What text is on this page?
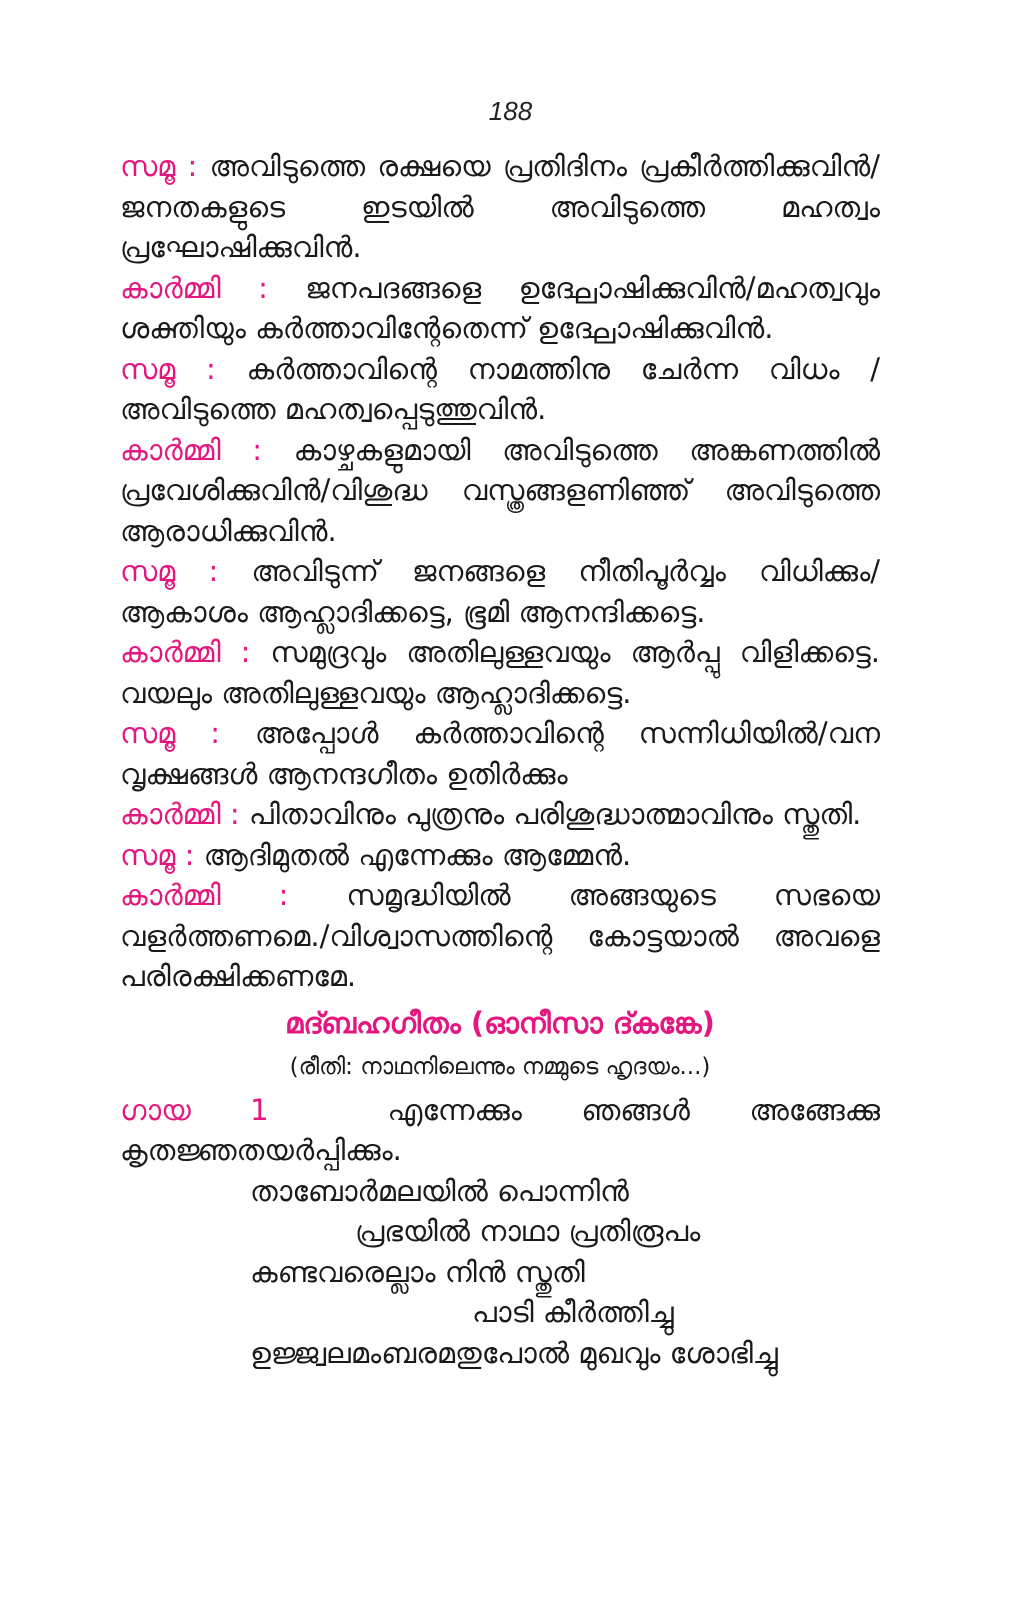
188

സമൂ : അവിടുത്തെ രക്ഷയെ പ്രതിദിനം പ്രകീർത്തിക്കുവിൻ/ ജനതകളുടെ ഇടയിൽ അവിടുത്തെ മഹത്വം പ്രഘോഷിക്കുവിൻ.

കാർമ്മി : ജനപദങ്ങളെ ഉദ്ഘോഷിക്കുവിൻ/മഹത്വവും ശക്തിയും കർത്താവിന്റേതെന്ന് ഉദ്ഘോഷിക്കുവിൻ.

സമൂ : കർത്താവിന്റെ നാമത്തിനു ചേർന്ന വിധം / അവിടുത്തെ മഹത്വപ്പെടുത്തുവിൻ.

കാർമ്മി : കാഴ്ചകളുമായി അവിടുത്തെ അങ്കണത്തിൽ പ്രവേശിക്കുവിൻ/വിശുദ്ധ വസ്ത്രങ്ങളണിഞ്ഞ് അവിടുത്തെ ആരാധിക്കുവിൻ.

സമൂ : അവിടുന്ന് ജനങ്ങളെ നീതിപൂർവ്വം വിധിക്കും/ ആകാശം ആഹ്ലാദിക്കട്ടെ, ഭൂമി ആനന്ദിക്കട്ടെ.

കാർമ്മി : സമുദ്രവും അതിലുള്ളവയും ആർപ്പു വിളിക്കട്ടെ. വയലും അതിലുള്ളവയും ആഹ്ലാദിക്കട്ടെ.

സമൂ : അപ്പോൾ കർത്താവിന്റെ സന്നിധിയിൽ/വന വൃക്ഷങ്ങൾ ആനന്ദഗീതം ഉതിർക്കും

കാർമ്മി : പിതാവിനും പുത്രനും പരിശുദ്ധാത്മാവിനും സ്തുതി.

സമൂ : ആദിമുതൽ എന്നേക്കും ആമ്മേൻ.

കാർമ്മി : സമൃദ്ധിയിൽ അങ്ങയുടെ സഭയെ വളർത്തണമെ./വിശ്വാസത്തിന്റെ കോട്ടയാൽ അവളെ പരിരക്ഷിക്കണമേ.

മദ്ബഹഗീതം (ഓനീസാ ദ്കങ്കേ)
(രീതി: നാഥനിലെന്നും നമ്മുടെ ഹൃദയം...)

ഗായ 1	എന്നേക്കും ഞങ്ങൾ അങ്ങേക്കു കൃതജ്ഞതയർപ്പിക്കും.

താബോർമലയിൽ പൊന്നിൻ

പ്രഭയിൽ നാഥാ പ്രതിരൂപം

കണ്ടവരെല്ലാം നിൻ സ്തുതി

പാടി കീർത്തിച്ചു

ഉജ്ജ്വലമംബരമതുപോൽ മുഖവും ശോഭിച്ചു
